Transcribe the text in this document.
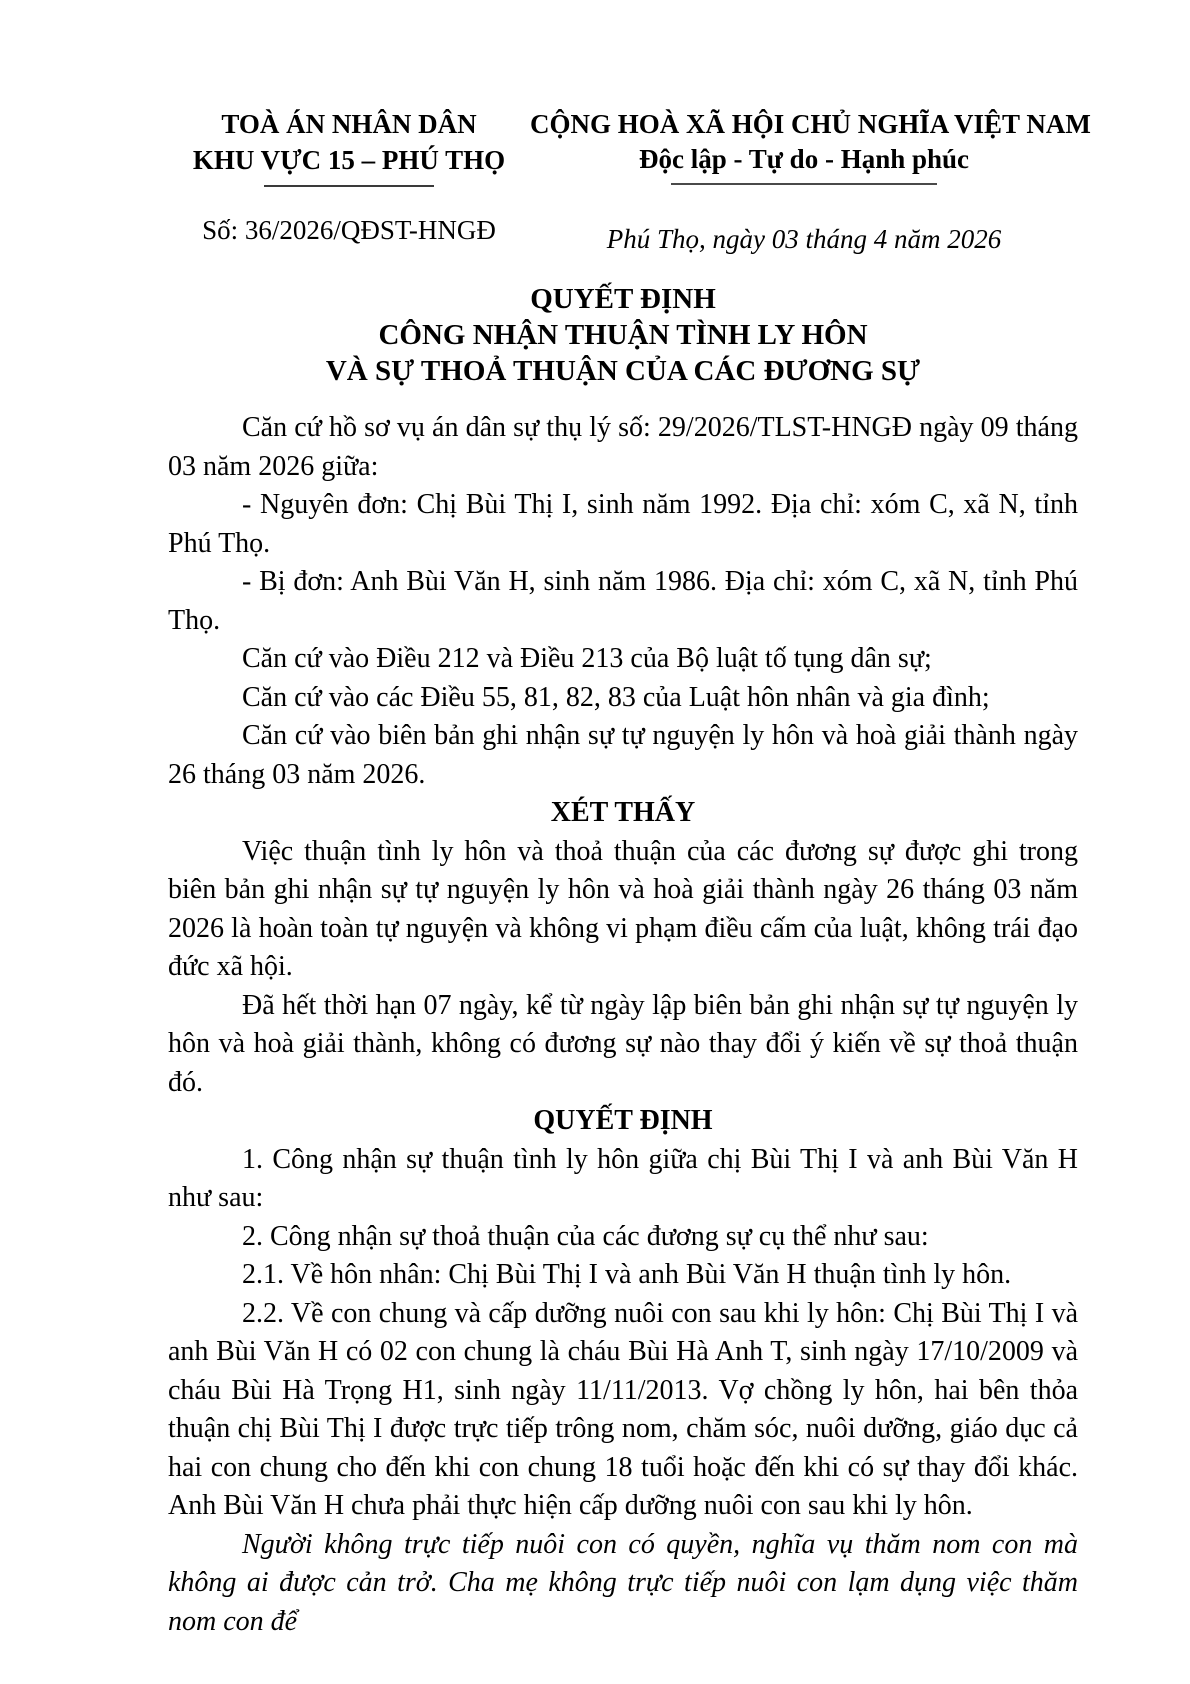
TOÀ ÁN NHÂN DÂN
KHU VỰC 15 – PHÚ THỌ
Số: 36/2026/QĐST-HNGĐ
CỘNG HOÀ XÃ HỘI CHỦ NGHĨA VIỆT NAM
Độc lập - Tự do - Hạnh phúc
Phú Thọ, ngày 03 tháng 4 năm 2026
QUYẾT ĐỊNH
CÔNG NHẬN THUẬN TÌNH LY HÔN
VÀ SỰ THOẢ THUẬN CỦA CÁC ĐƯƠNG SỰ

Căn cứ hồ sơ vụ án dân sự thụ lý số: 29/2026/TLST-HNGĐ ngày 09 tháng 03 năm 2026 giữa:

- Nguyên đơn: Chị Bùi Thị I, sinh năm 1992. Địa chỉ: xóm C, xã N, tỉnh Phú Thọ.

- Bị đơn: Anh Bùi Văn H, sinh năm 1986. Địa chỉ: xóm C, xã N, tỉnh Phú Thọ.

Căn cứ vào Điều 212 và Điều 213 của Bộ luật tố tụng dân sự;

Căn cứ vào các Điều 55, 81, 82, 83 của Luật hôn nhân và gia đình;

Căn cứ vào biên bản ghi nhận sự tự nguyện ly hôn và hoà giải thành ngày 26 tháng 03 năm 2026.

XÉT THẤY

Việc thuận tình ly hôn và thoả thuận của các đương sự được ghi trong biên bản ghi nhận sự tự nguyện ly hôn và hoà giải thành ngày 26 tháng 03 năm 2026 là hoàn toàn tự nguyện và không vi phạm điều cấm của luật, không trái đạo đức xã hội.

Đã hết thời hạn 07 ngày, kể từ ngày lập biên bản ghi nhận sự tự nguyện ly hôn và hoà giải thành, không có đương sự nào thay đổi ý kiến về sự thoả thuận đó.

QUYẾT ĐỊNH

1. Công nhận sự thuận tình ly hôn giữa chị Bùi Thị I và anh Bùi Văn H như sau:

2. Công nhận sự thoả thuận của các đương sự cụ thể như sau:

2.1. Về hôn nhân: Chị Bùi Thị I và anh Bùi Văn H thuận tình ly hôn.

2.2. Về con chung và cấp dưỡng nuôi con sau khi ly hôn: Chị Bùi Thị I và anh Bùi Văn H có 02 con chung là cháu Bùi Hà Anh T, sinh ngày 17/10/2009 và cháu Bùi Hà Trọng H1, sinh ngày 11/11/2013. Vợ chồng ly hôn, hai bên thỏa thuận chị Bùi Thị I được trực tiếp trông nom, chăm sóc, nuôi dưỡng, giáo dục cả hai con chung cho đến khi con chung 18 tuổi hoặc đến khi có sự thay đổi khác. Anh Bùi Văn H chưa phải thực hiện cấp dưỡng nuôi con sau khi ly hôn.

Người không trực tiếp nuôi con có quyền, nghĩa vụ thăm nom con mà không ai được cản trở. Cha mẹ không trực tiếp nuôi con lạm dụng việc thăm nom con để
